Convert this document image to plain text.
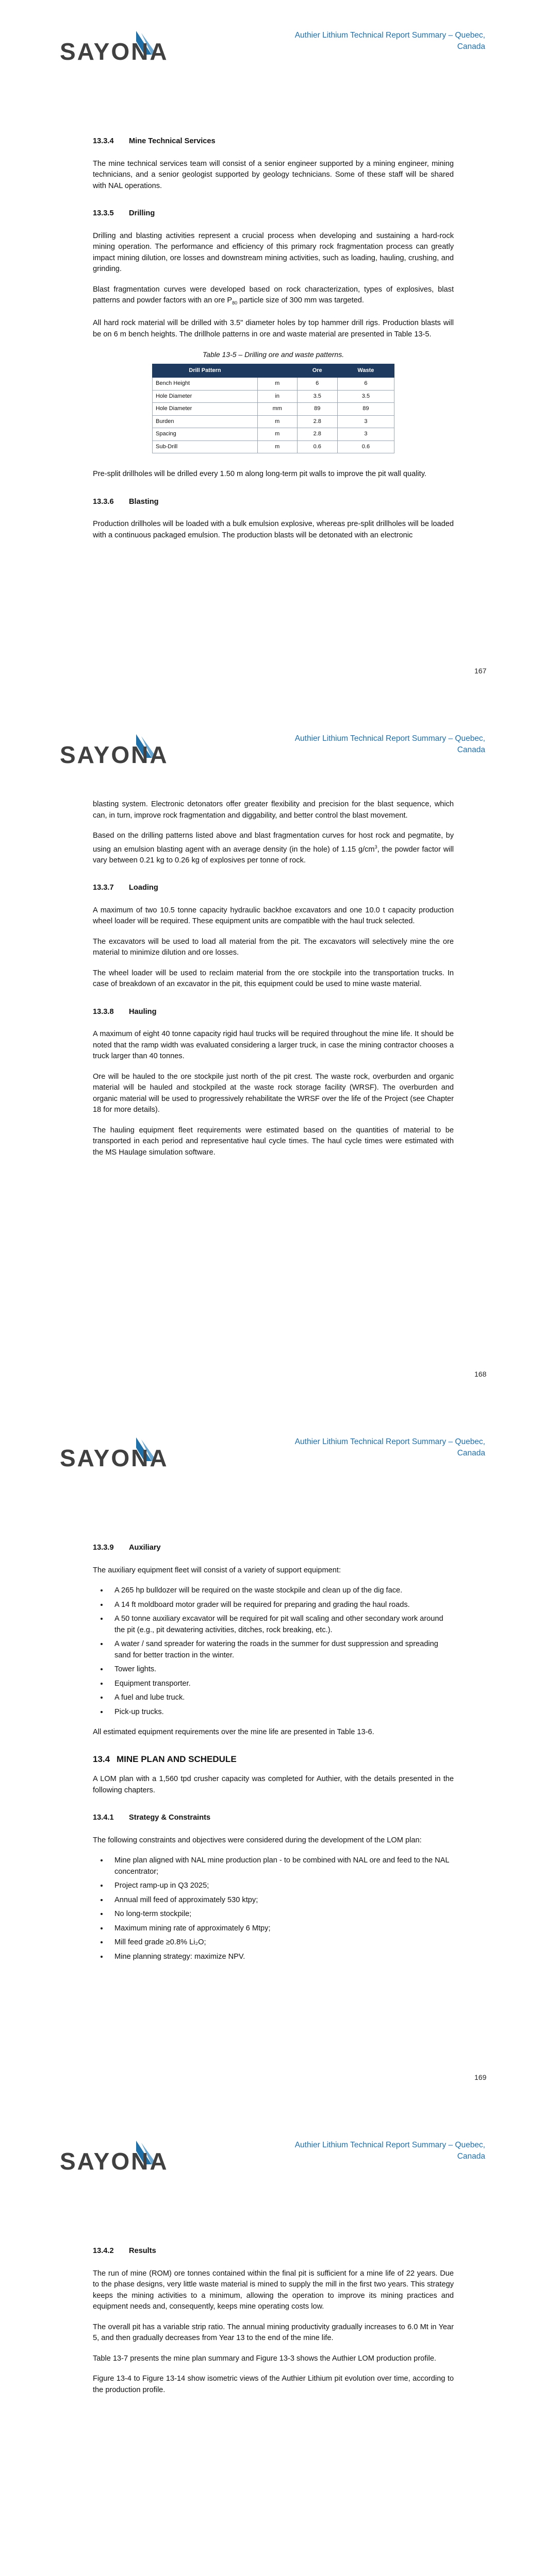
SAYONA
Authier Lithium Technical Report Summary – Quebec, Canada
13.3.4 Mine Technical Services

The mine technical services team will consist of a senior engineer supported by a mining engineer, mining technicians, and a senior geologist supported by geology technicians. Some of these staff will be shared with NAL operations.

13.3.5 Drilling

Drilling and blasting activities represent a crucial process when developing and sustaining a hard-rock mining operation. The performance and efficiency of this primary rock fragmentation process can greatly impact mining dilution, ore losses and downstream mining activities, such as loading, hauling, crushing, and grinding.

Blast fragmentation curves were developed based on rock characterization, types of explosives, blast patterns and powder factors with an ore $P_{80}$ particle size of 300 mm was targeted.

All hard rock material will be drilled with 3.5" diameter holes by top hammer drill rigs. Production blasts will be on 6 m bench heights. The drillhole patterns in ore and waste material are presented in Table 13-5.

Table 13-5 – Drilling ore and waste patterns.
Drill Pattern		Ore	Waste
Bench Height	m	6	6
Hole Diameter	in	3.5	3.5
Hole Diameter	mm	89	89
Burden	m	2.8	3
Spacing	m	2.8	3
Sub-Drill	m	0.6	0.6

Pre-split drillholes will be drilled every 1.50 m along long-term pit walls to improve the pit wall quality.

13.3.6 Blasting

Production drillholes will be loaded with a bulk emulsion explosive, whereas pre-split drillholes will be loaded with a continuous packaged emulsion. The production blasts will be detonated with an electronic

167
SAYONA
Authier Lithium Technical Report Summary – Quebec, Canada

blasting system. Electronic detonators offer greater flexibility and precision for the blast sequence, which can, in turn, improve rock fragmentation and diggability, and better control the blast movement.

Based on the drilling patterns listed above and blast fragmentation curves for host rock and pegmatite, by using an emulsion blasting agent with an average density (in the hole) of 1.15 $g/cm^3$, the powder factor will vary between 0.21 kg to 0.26 kg of explosives per tonne of rock.

13.3.7 Loading

A maximum of two 10.5 tonne capacity hydraulic backhoe excavators and one 10.0 t capacity production wheel loader will be required. These equipment units are compatible with the haul truck selected.

The excavators will be used to load all material from the pit. The excavators will selectively mine the ore material to minimize dilution and ore losses.

The wheel loader will be used to reclaim material from the ore stockpile into the transportation trucks. In case of breakdown of an excavator in the pit, this equipment could be used to mine waste material.

13.3.8 Hauling

A maximum of eight 40 tonne capacity rigid haul trucks will be required throughout the mine life. It should be noted that the ramp width was evaluated considering a larger truck, in case the mining contractor chooses a truck larger than 40 tonnes.

Ore will be hauled to the ore stockpile just north of the pit crest. The waste rock, overburden and organic material will be hauled and stockpiled at the waste rock storage facility (WRSF). The overburden and organic material will be used to progressively rehabilitate the WRSF over the life of the Project (see Chapter 18 for more details).

The hauling equipment fleet requirements were estimated based on the quantities of material to be transported in each period and representative haul cycle times. The haul cycle times were estimated with the MS Haulage simulation software.

168
SAYONA
Authier Lithium Technical Report Summary – Quebec, Canada
13.3.9 Auxiliary

The auxiliary equipment fleet will consist of a variety of support equipment:

• A 265 hp bulldozer will be required on the waste stockpile and clean up of the dig face.
• A 14 ft moldboard motor grader will be required for preparing and grading the haul roads.
• A 50 tonne auxiliary excavator will be required for pit wall scaling and other secondary work around the pit (e.g., pit dewatering activities, ditches, rock breaking, etc.).
• A water / sand spreader for watering the roads in the summer for dust suppression and spreading sand for better traction in the winter.
• Tower lights.
• Equipment transporter.
• A fuel and lube truck.
• Pick-up trucks.

All estimated equipment requirements over the mine life are presented in Table 13-6.

13.4 MINE PLAN AND SCHEDULE

A LOM plan with a 1,560 tpd crusher capacity was completed for Authier, with the details presented in the following chapters.

13.4.1 Strategy & Constraints

The following constraints and objectives were considered during the development of the LOM plan:

• Mine plan aligned with NAL mine production plan - to be combined with NAL ore and feed to the NAL concentrator;
• Project ramp-up in Q3 2025;
• Annual mill feed of approximately 530 ktpy;
• No long-term stockpile;
• Maximum mining rate of approximately 6 Mtpy;
• Mill feed grade ≥0.8% Li₂O;
• Mine planning strategy: maximize NPV.
169
SAYONA
Authier Lithium Technical Report Summary – Quebec, Canada
13.4.2 Results

The run of mine (ROM) ore tonnes contained within the final pit is sufficient for a mine life of 22 years. Due to the phase designs, very little waste material is mined to supply the mill in the first two years. This strategy keeps the mining activities to a minimum, allowing the operation to improve its mining practices and equipment needs and, consequently, keeps mine operating costs low.

The overall pit has a variable strip ratio. The annual mining productivity gradually increases to 6.0 Mt in Year 5, and then gradually decreases from Year 13 to the end of the mine life.

Table 13-7 presents the mine plan summary and Figure 13-3 shows the Authier LOM production profile.

Figure 13-4 to Figure 13-14 show isometric views of the Authier Lithium pit evolution over time, according to the production profile.
